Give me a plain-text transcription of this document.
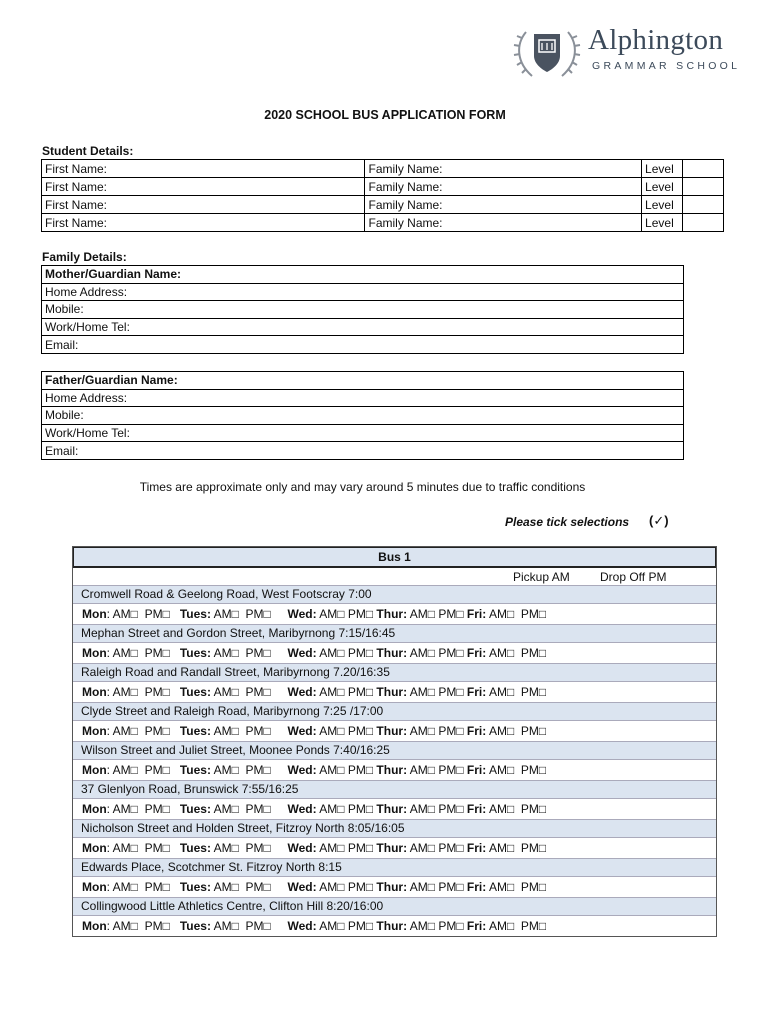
Alphington
GRAMMAR SCHOOL
2020 SCHOOL BUS APPLICATION FORM
Student Details:
First Name:	Family Name:	Level	
First Name:	Family Name:	Level	
First Name:	Family Name:	Level	
First Name:	Family Name:	Level	
Family Details:
Mother/Guardian Name:
Home Address:
Mobile:
Work/Home Tel:
Email:
Father/Guardian Name:
Home Address:
Mobile:
Work/Home Tel:
Email:
Times are approximate only and may vary around 5 minutes due to traffic conditions
Please tick selections (✓)
Bus 1
Pickup AM	Drop Off PM
Cromwell Road & Geelong Road, West Footscray 7:00
Mon: AM□  PM□   Tues: AM□  PM□     Wed: AM□ PM□ Thur: AM□ PM□ Fri: AM□  PM□
Mephan Street and Gordon Street, Maribyrnong 7:15/16:45
Mon: AM□  PM□   Tues: AM□  PM□     Wed: AM□ PM□ Thur: AM□ PM□ Fri: AM□  PM□
Raleigh Road and Randall Street, Maribyrnong 7.20/16:35
Mon: AM□  PM□   Tues: AM□  PM□     Wed: AM□ PM□ Thur: AM□ PM□ Fri: AM□  PM□
Clyde Street and Raleigh Road, Maribyrnong 7:25 /17:00
Mon: AM□  PM□   Tues: AM□  PM□     Wed: AM□ PM□ Thur: AM□ PM□ Fri: AM□  PM□
Wilson Street and Juliet Street, Moonee Ponds 7:40/16:25
Mon: AM□  PM□   Tues: AM□  PM□     Wed: AM□ PM□ Thur: AM□ PM□ Fri: AM□  PM□
37 Glenlyon Road, Brunswick 7:55/16:25
Mon: AM□  PM□   Tues: AM□  PM□     Wed: AM□ PM□ Thur: AM□ PM□ Fri: AM□  PM□
Nicholson Street and Holden Street, Fitzroy North 8:05/16:05
Mon: AM□  PM□   Tues: AM□  PM□     Wed: AM□ PM□ Thur: AM□ PM□ Fri: AM□  PM□
Edwards Place, Scotchmer St. Fitzroy North 8:15
Mon: AM□  PM□   Tues: AM□  PM□     Wed: AM□ PM□ Thur: AM□ PM□ Fri: AM□  PM□
Collingwood Little Athletics Centre, Clifton Hill 8:20/16:00
Mon: AM□  PM□   Tues: AM□  PM□     Wed: AM□ PM□ Thur: AM□ PM□ Fri: AM□  PM□
